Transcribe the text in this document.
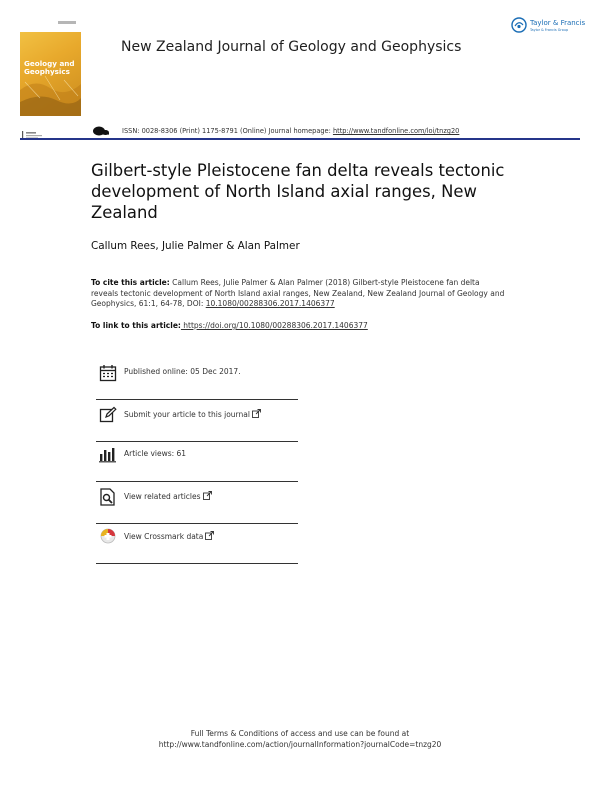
Geology and
Geophysics
New Zealand Journal of Geology and Geophysics
Taylor & Francis
Taylor & Francis Group
ISSN: 0028-8306 (Print) 1175-8791 (Online) Journal homepage: http://www.tandfonline.com/loi/tnzg20
Gilbert-style Pleistocene fan delta reveals tectonic development of North Island axial ranges, New Zealand
Callum Rees, Julie Palmer & Alan Palmer
To cite this article: Callum Rees, Julie Palmer & Alan Palmer (2018) Gilbert-style Pleistocene fan delta reveals tectonic development of North Island axial ranges, New Zealand, New Zealand Journal of Geology and Geophysics, 61:1, 64-78, DOI: 10.1080/00288306.2017.1406377
To link to this article: https://doi.org/10.1080/00288306.2017.1406377
Published online: 05 Dec 2017.
Submit your article to this journal
Article views: 61
View related articles
View Crossmark data
Full Terms & Conditions of access and use can be found at
http://www.tandfonline.com/action/journalInformation?journalCode=tnzg20
